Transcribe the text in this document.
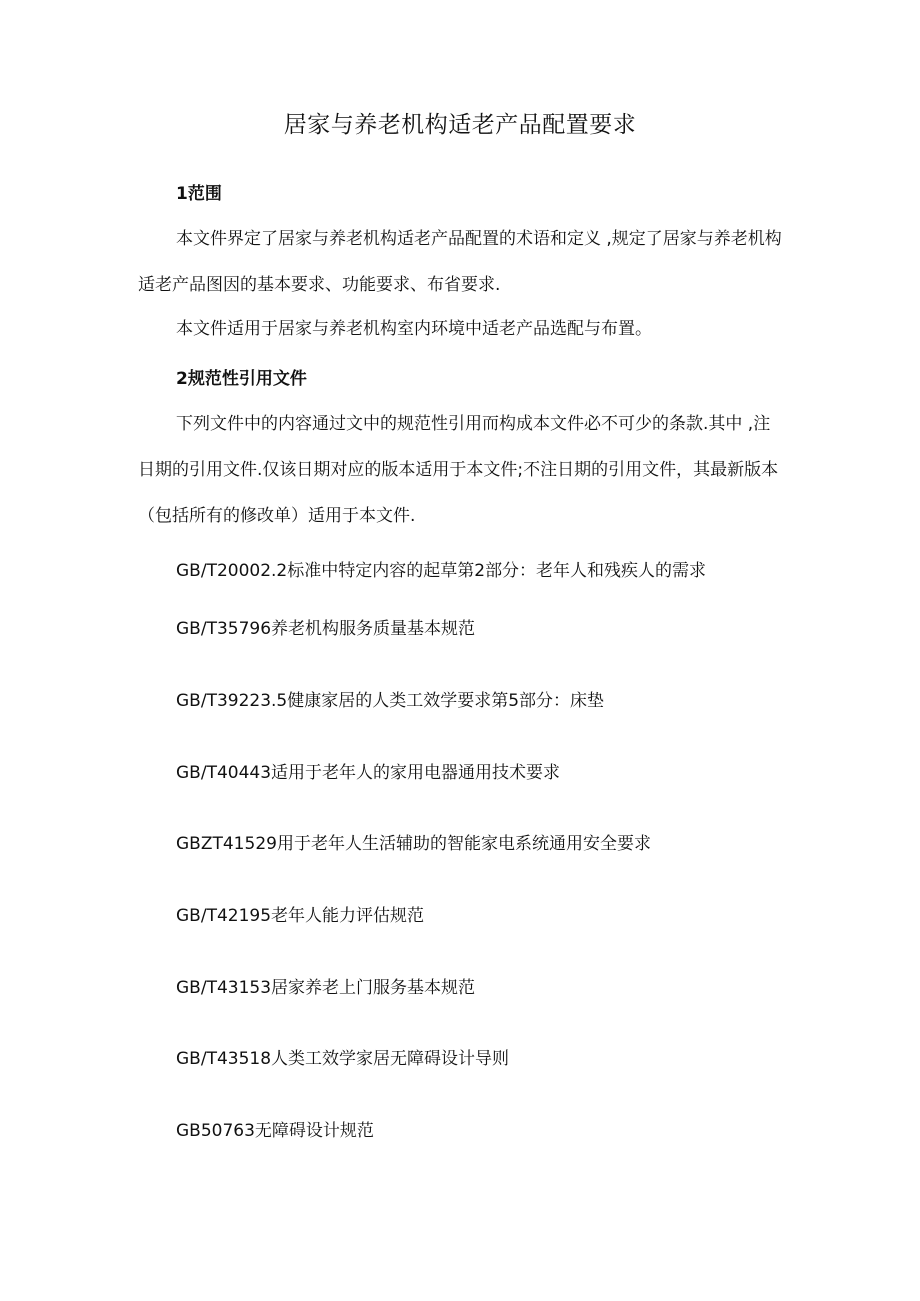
居家与养老机构适老产品配置要求
1范围

本文件界定了居家与养老机构适老产品配置的术语和定义 ,规定了居家与养老机构适老产品图因的基本要求、功能要求、布省要求.

本文件适用于居家与养老机构室内环境中适老产品选配与布置。

2规范性引用文件

下列文件中的内容通过文中的规范性引用而构成本文件必不可少的条款.其中 ,注日期的引用文件.仅该日期对应的版本适用于本文件;不注日期的引用文件，其最新版本（包括所有的修改单）适用于本文件.

GB/T20002.2标准中特定内容的起草第2部分：老年人和残疾人的需求
GB/T35796养老机构服务质量基本规范
GB/T39223.5健康家居的人类工效学要求第5部分：床垫
GB/T40443适用于老年人的家用电器通用技术要求
GBZT41529用于老年人生活辅助的智能家电系统通用安全要求
GB/T42195老年人能力评估规范
GB/T43153居家养老上门服务基本规范
GB/T43518人类工效学家居无障碍设计导则
GB50763无障碍设计规范
